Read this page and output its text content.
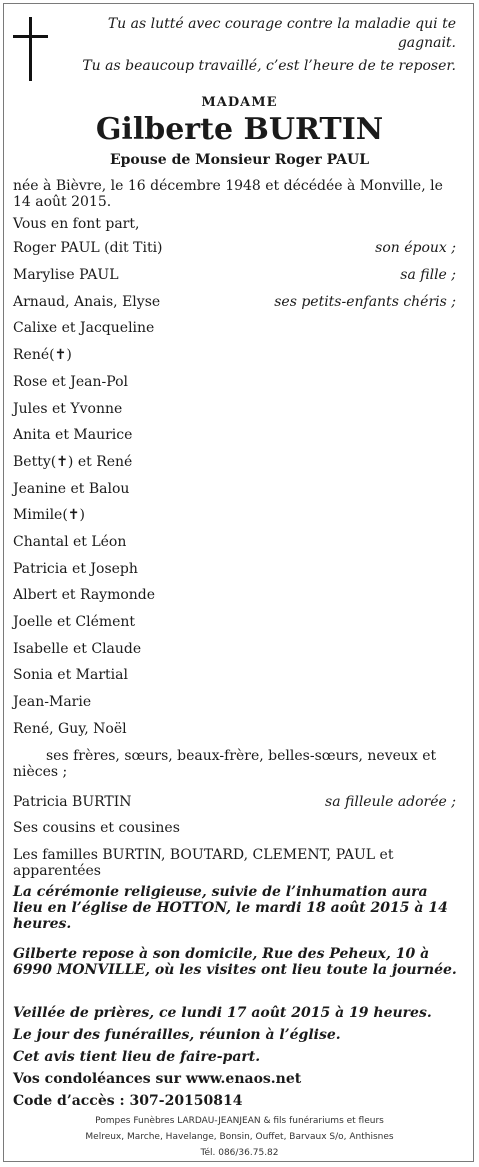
Tu as lutté avec courage contre la maladie qui te
gagnait.
Tu as beaucoup travaillé, c’est l’heure de te reposer.
MADAME
Gilberte BURTIN
Epouse de Monsieur Roger PAUL
née à Bièvre, le 16 décembre 1948 et décédée à Monville, le 14 août 2015.
Vous en font part,
Roger PAUL (dit Titi)	son époux ;
Marylise PAUL	sa fille ;
Arnaud, Anais, Elyse	ses petits-enfants chéris ;
Calixe et Jacqueline
René(✝)
Rose et Jean-Pol
Jules et Yvonne
Anita et Maurice
Betty(✝) et René
Jeanine et Balou
Mimile(✝)
Chantal et Léon
Patricia et Joseph
Albert et Raymonde
Joelle et Clément
Isabelle et Claude
Sonia et Martial
Jean-Marie
René, Guy, Noël
ses frères, sœurs, beaux-frère, belles-sœurs, neveux et nièces ;
Patricia BURTIN	sa filleule adorée ;
Ses cousins et cousines
Les familles BURTIN, BOUTARD, CLEMENT, PAUL et apparentées
La cérémonie religieuse, suivie de l’inhumation aura lieu en l’église de HOTTON, le mardi 18 août 2015 à 14 heures.
Gilberte repose à son domicile, Rue des Peheux, 10 à 6990 MONVILLE, où les visites ont lieu toute la journée.
Veillée de prières, ce lundi 17 août 2015 à 19 heures.
Le jour des funérailles, réunion à l’église.
Cet avis tient lieu de faire-part.
Vos condoléances sur www.enaos.net
Code d’accès : 307-20150814
Pompes Funèbres LARDAU-JEANJEAN & fils funérariums et fleurs
Melreux, Marche, Havelange, Bonsin, Ouffet, Barvaux S/o, Anthisnes
Tél. 086/36.75.82
